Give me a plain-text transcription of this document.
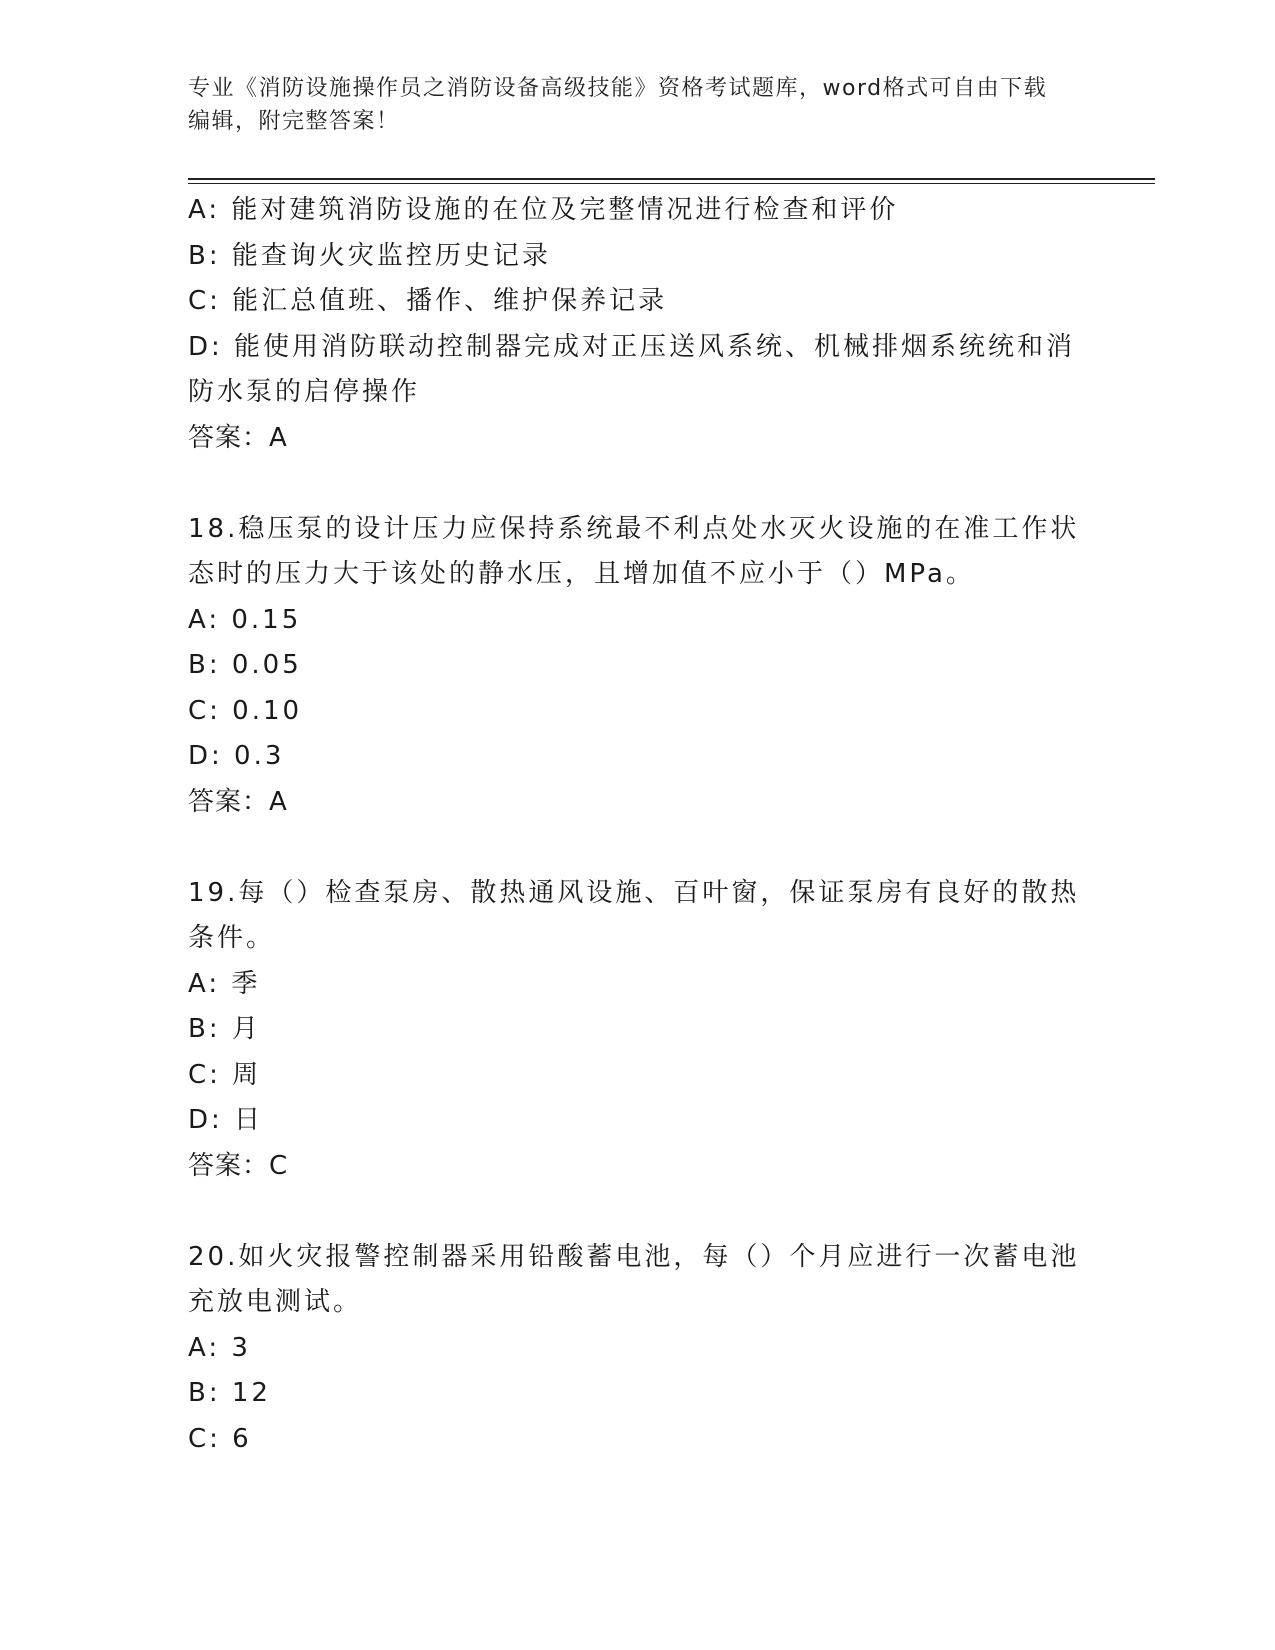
专业《消防设施操作员之消防设备高级技能》资格考试题库，word格式可自由下载编辑，附完整答案！
A: 能对建筑消防设施的在位及完整情况进行检查和评价
B: 能查询火灾监控历史记录
C: 能汇总值班、播作、维护保养记录
D: 能使用消防联动控制器完成对正压送风系统、机械排烟系统统和消防水泵的启停操作
答案：A
18.稳压泵的设计压力应保持系统最不利点处水灭火设施的在准工作状态时的压力大于该处的静水压，且增加值不应小于（）MPa。
A: 0.15
B: 0.05
C: 0.10
D: 0.3
答案：A
19.每（）检查泵房、散热通风设施、百叶窗，保证泵房有良好的散热条件。
A: 季
B: 月
C: 周
D: 日
答案：C
20.如火灾报警控制器采用铅酸蓄电池，每（）个月应进行一次蓄电池充放电测试。
A: 3
B: 12
C: 6
